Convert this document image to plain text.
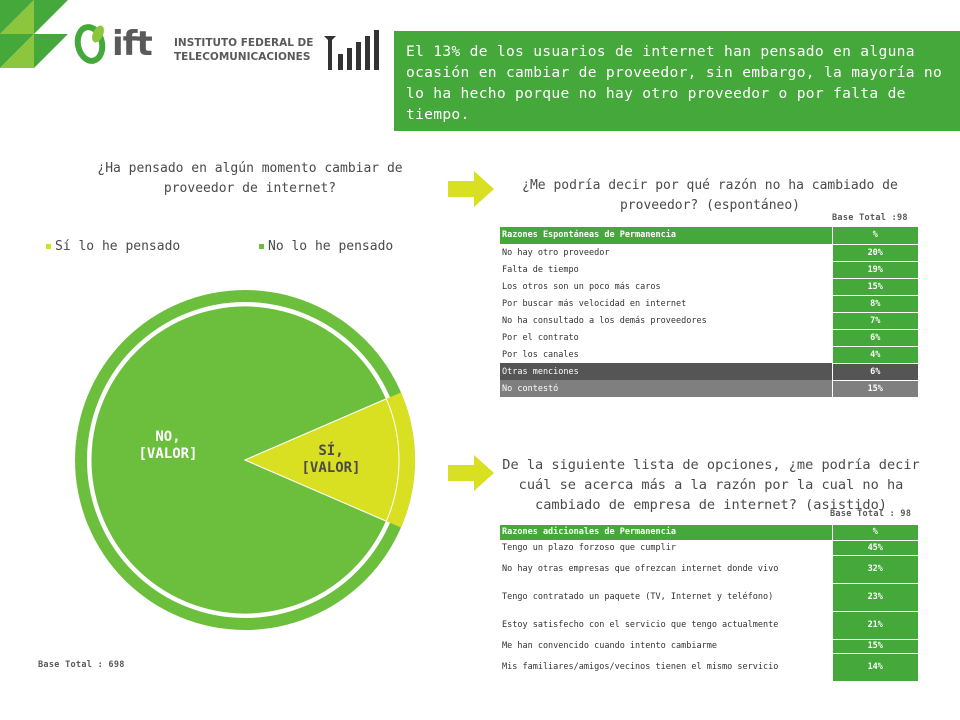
ift INSTITUTO FEDERAL DE
TELECOMUNICACIONES	El 13% de los usuarios de internet han pensado en alguna ocasión en cambiar de proveedor, sin embargo, la mayoría no lo ha hecho porque no hay otro proveedor o por falta de tiempo.
¿Ha pensado en algún momento cambiar de proveedor de internet?
Sí lo he pensado	No lo he pensado
NO, [VALOR]	SÍ, [VALOR]
Base Total : 698
¿Me podría decir por qué razón no ha cambiado de proveedor? (espontáneo)
Base Total :98
Razones Espontáneas de Permanencia	%
No hay otro proveedor	20%
Falta de tiempo	19%
Los otros son un poco más caros	15%
Por buscar más velocidad en internet	8%
No ha consultado a los demás proveedores	7%
Por el contrato	6%
Por los canales	4%
Otras menciones	6%
No contestó	15%
De la siguiente lista de opciones, ¿me podría decir cuál se acerca más a la razón por la cual no ha cambiado de empresa de internet? (asistido)
Base Total : 98
Razones adicionales de Permanencia	%
Tengo un plazo forzoso que cumplir	45%
No hay otras empresas que ofrezcan internet donde vivo	32%
Tengo contratado un paquete (TV, Internet y teléfono)	23%
Estoy satisfecho con el servicio que tengo actualmente	21%
Me han convencido cuando intento cambiarme	15%
Mis familiares/amigos/vecinos tienen el mismo servicio	14%
